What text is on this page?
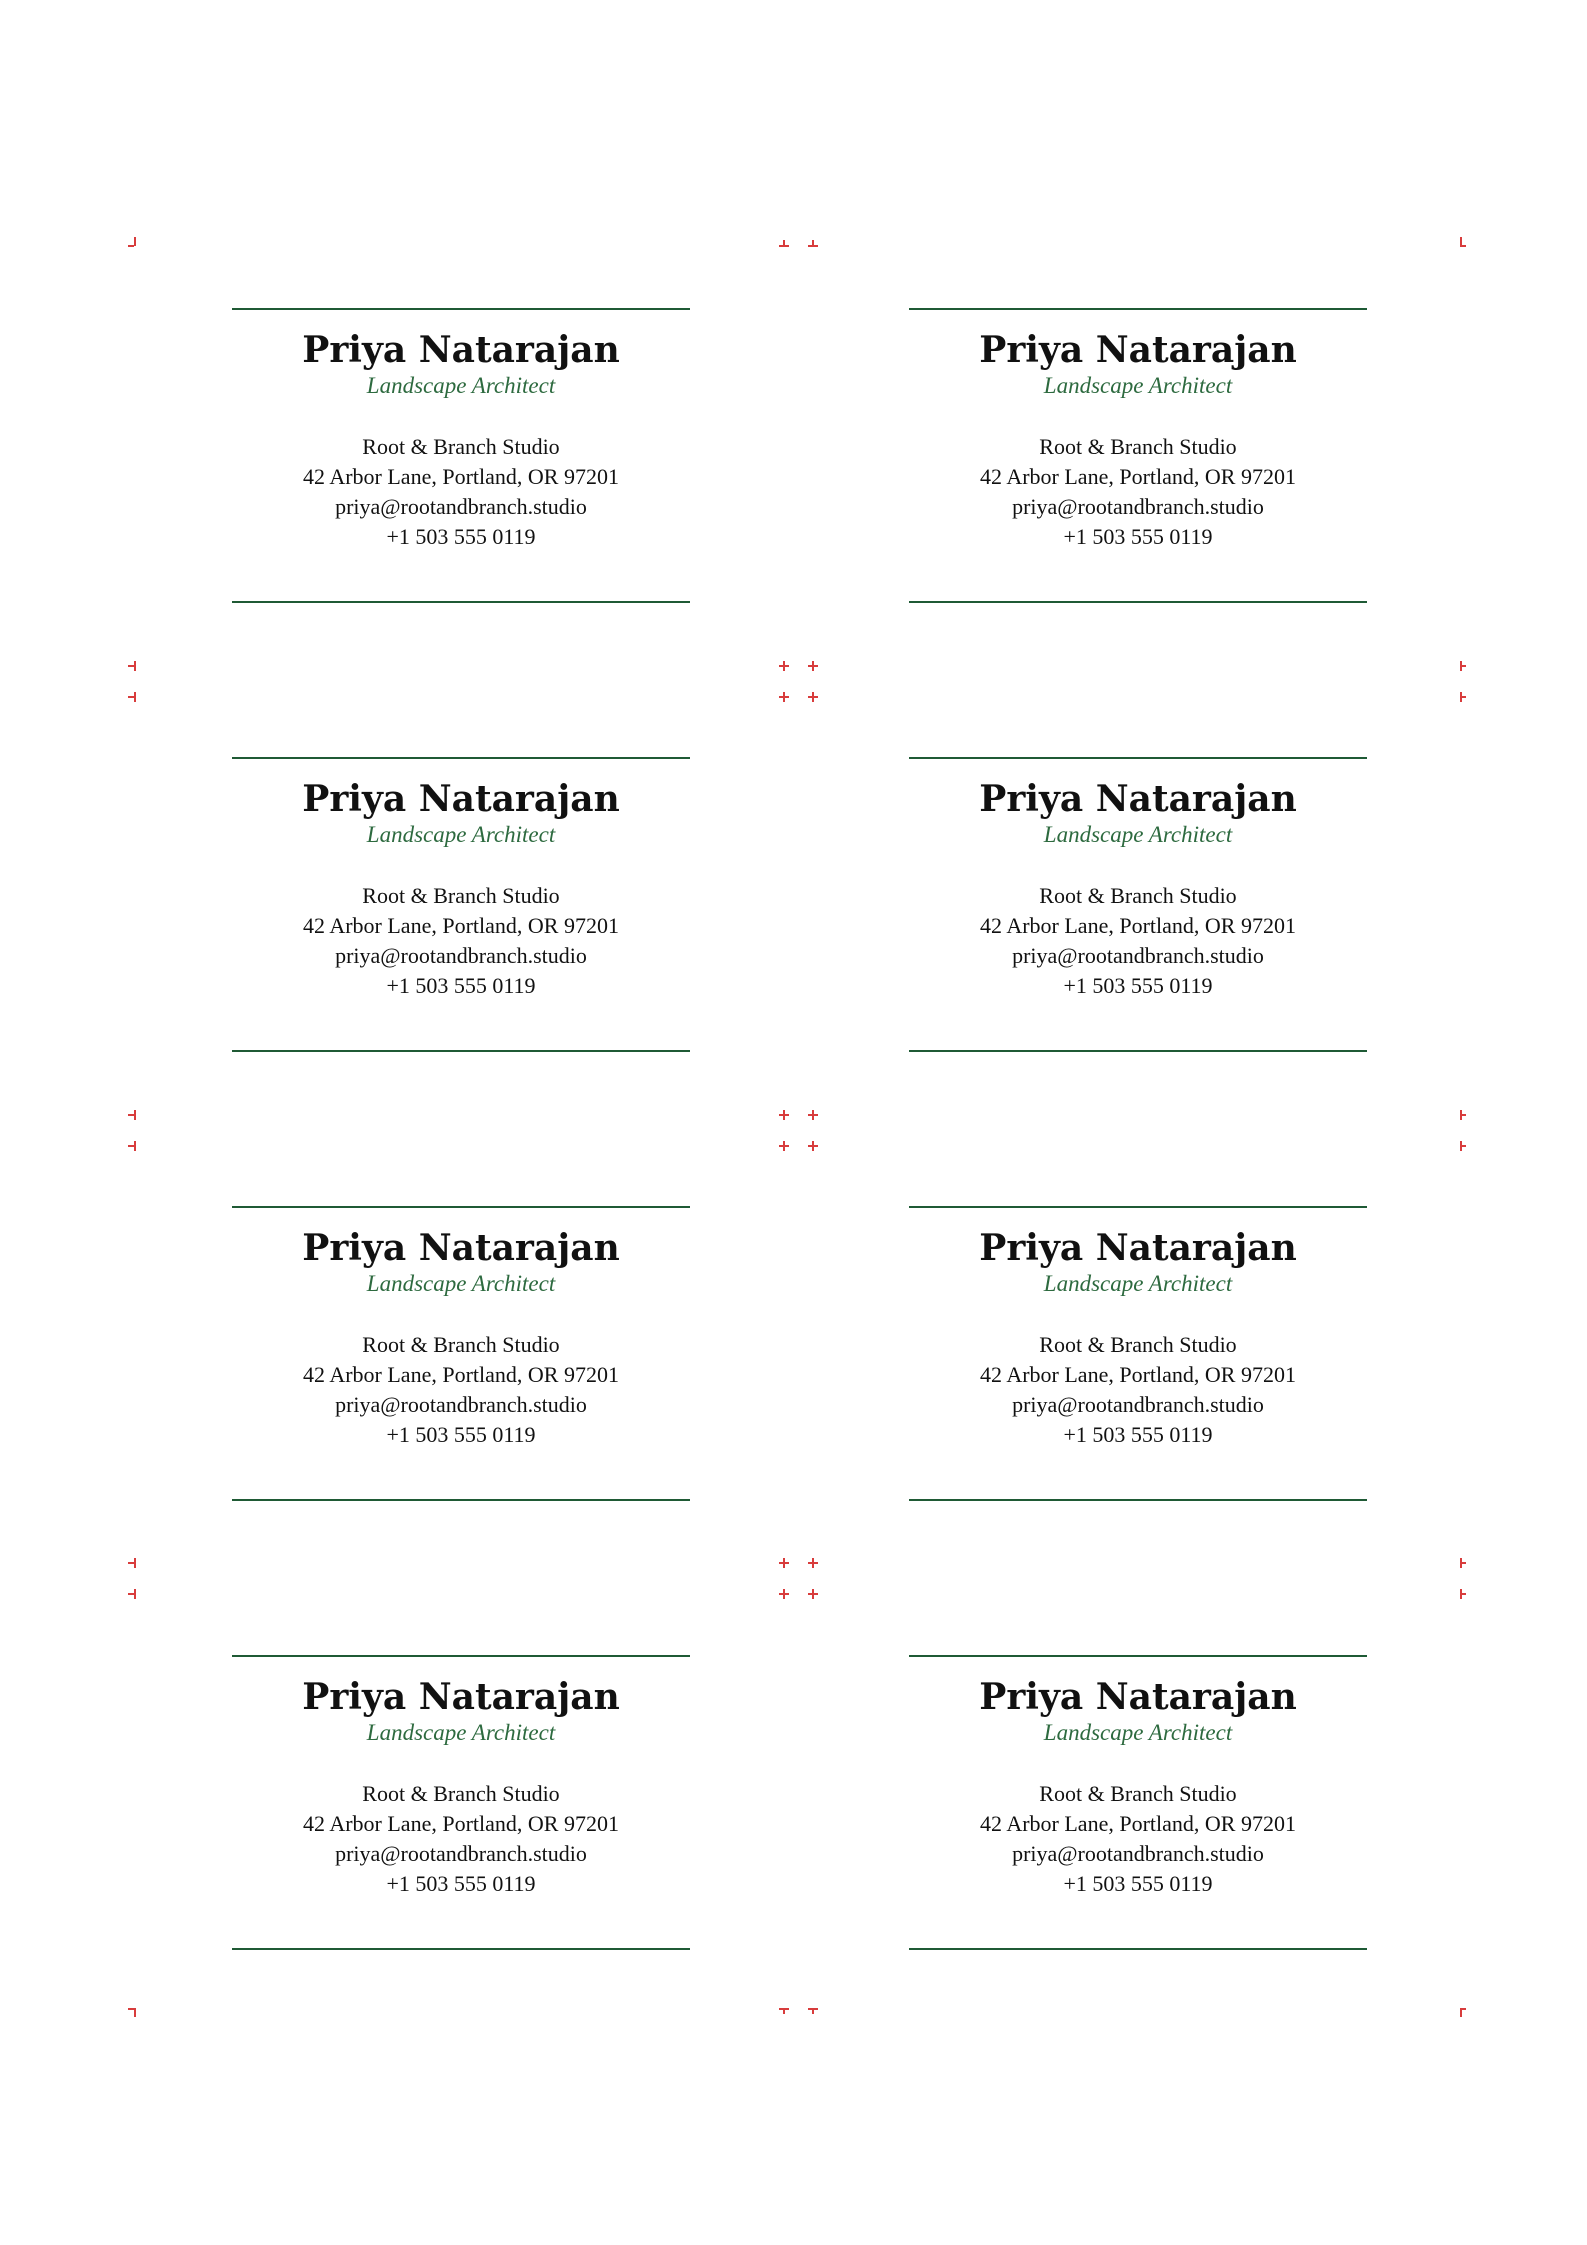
Priya Natarajan
Landscape Architect
Root & Branch Studio
42 Arbor Lane, Portland, OR 97201
priya@rootandbranch.studio
+1 503 555 0119
Priya Natarajan
Landscape Architect
Root & Branch Studio
42 Arbor Lane, Portland, OR 97201
priya@rootandbranch.studio
+1 503 555 0119
Priya Natarajan
Landscape Architect
Root & Branch Studio
42 Arbor Lane, Portland, OR 97201
priya@rootandbranch.studio
+1 503 555 0119
Priya Natarajan
Landscape Architect
Root & Branch Studio
42 Arbor Lane, Portland, OR 97201
priya@rootandbranch.studio
+1 503 555 0119
Priya Natarajan
Landscape Architect
Root & Branch Studio
42 Arbor Lane, Portland, OR 97201
priya@rootandbranch.studio
+1 503 555 0119
Priya Natarajan
Landscape Architect
Root & Branch Studio
42 Arbor Lane, Portland, OR 97201
priya@rootandbranch.studio
+1 503 555 0119
Priya Natarajan
Landscape Architect
Root & Branch Studio
42 Arbor Lane, Portland, OR 97201
priya@rootandbranch.studio
+1 503 555 0119
Priya Natarajan
Landscape Architect
Root & Branch Studio
42 Arbor Lane, Portland, OR 97201
priya@rootandbranch.studio
+1 503 555 0119
